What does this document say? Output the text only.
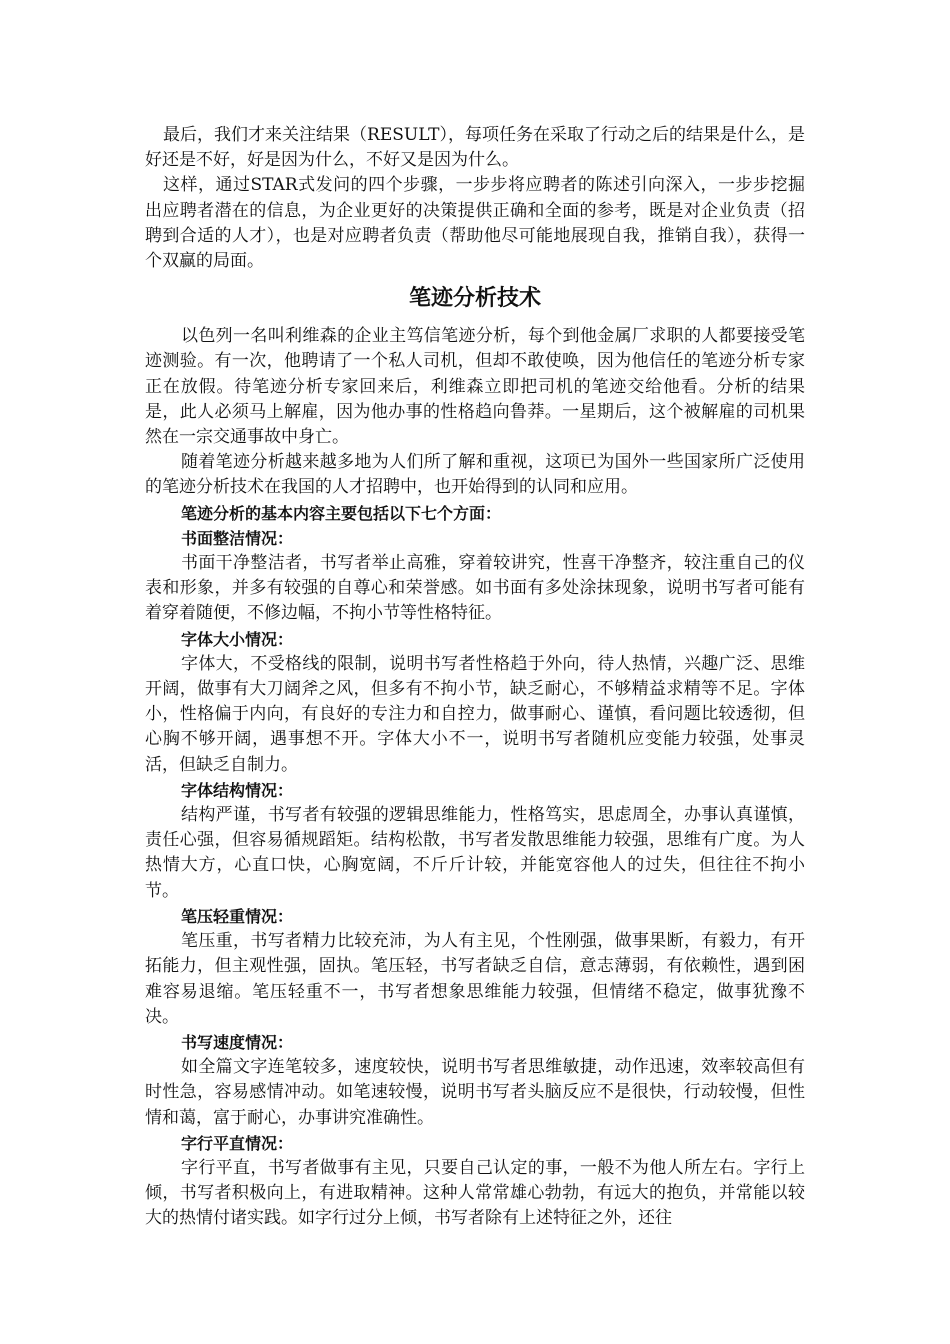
最后，我们才来关注结果（RESULT），每项任务在采取了行动之后的结果是什么，是好还是不好，好是因为什么，不好又是因为什么。

这样，通过STAR式发问的四个步骤，一步步将应聘者的陈述引向深入，一步步挖掘出应聘者潜在的信息，为企业更好的决策提供正确和全面的参考，既是对企业负责（招聘到合适的人才），也是对应聘者负责（帮助他尽可能地展现自我，推销自我），获得一个双赢的局面。

笔迹分析技术

以色列一名叫利维森的企业主笃信笔迹分析，每个到他金属厂求职的人都要接受笔迹测验。有一次，他聘请了一个私人司机，但却不敢使唤，因为他信任的笔迹分析专家正在放假。待笔迹分析专家回来后，利维森立即把司机的笔迹交给他看。分析的结果是，此人必须马上解雇，因为他办事的性格趋向鲁莽。一星期后，这个被解雇的司机果然在一宗交通事故中身亡。

随着笔迹分析越来越多地为人们所了解和重视，这项已为国外一些国家所广泛使用的笔迹分析技术在我国的人才招聘中，也开始得到的认同和应用。

笔迹分析的基本内容主要包括以下七个方面：
书面整洁情况：

书面干净整洁者，书写者举止高雅，穿着较讲究，性喜干净整齐，较注重自己的仪表和形象，并多有较强的自尊心和荣誉感。如书面有多处涂抹现象，说明书写者可能有着穿着随便，不修边幅，不拘小节等性格特征。

字体大小情况：

字体大，不受格线的限制，说明书写者性格趋于外向，待人热情，兴趣广泛、思维开阔，做事有大刀阔斧之风，但多有不拘小节，缺乏耐心，不够精益求精等不足。字体小，性格偏于内向，有良好的专注力和自控力，做事耐心、谨慎，看问题比较透彻，但心胸不够开阔，遇事想不开。字体大小不一，说明书写者随机应变能力较强，处事灵活，但缺乏自制力。

字体结构情况：

结构严谨，书写者有较强的逻辑思维能力，性格笃实，思虑周全，办事认真谨慎，责任心强，但容易循规蹈矩。结构松散，书写者发散思维能力较强，思维有广度。为人热情大方，心直口快，心胸宽阔，不斤斤计较，并能宽容他人的过失，但往往不拘小节。

笔压轻重情况：

笔压重，书写者精力比较充沛，为人有主见，个性刚强，做事果断，有毅力，有开拓能力，但主观性强，固执。笔压轻，书写者缺乏自信，意志薄弱，有依赖性，遇到困难容易退缩。笔压轻重不一，书写者想象思维能力较强，但情绪不稳定，做事犹豫不决。

书写速度情况：

如全篇文字连笔较多，速度较快，说明书写者思维敏捷，动作迅速，效率较高但有时性急，容易感情冲动。如笔速较慢，说明书写者头脑反应不是很快，行动较慢，但性情和蔼，富于耐心，办事讲究准确性。

字行平直情况：

字行平直，书写者做事有主见，只要自己认定的事，一般不为他人所左右。字行上倾，书写者积极向上，有进取精神。这种人常常雄心勃勃，有远大的抱负，并常能以较大的热情付诸实践。如字行过分上倾，书写者除有上述特征之外，还往
